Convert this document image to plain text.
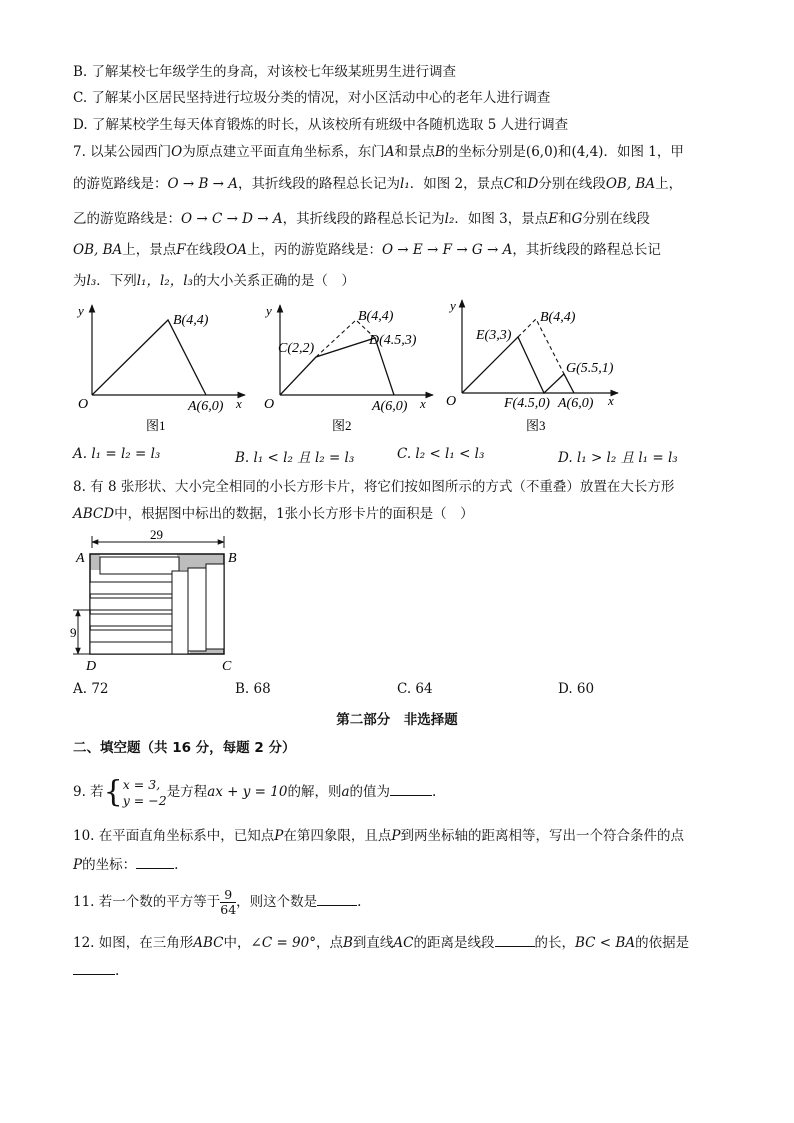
B. 了解某校七年级学生的身高，对该校七年级某班男生进行调查
C. 了解某小区居民坚持进行垃圾分类的情况，对小区活动中心的老年人进行调查
D. 了解某校学生每天体育锻炼的时长，从该校所有班级中各随机选取 5 人进行调查
7. 以某公园西门O为原点建立平面直角坐标系，东门A和景点B的坐标分别是(6,0)和(4,4)．如图 1，甲
的游览路线是：O → B → A，其折线段的路程总长记为l₁．如图 2，景点C和D分别在线段OB, BA上，
乙的游览路线是：O → C → D → A，其折线段的路程总长记为l₂．如图 3，景点E和G分别在线段
OB, BA上，景点F在线段OA上，丙的游览路线是：O → E → F → G → A，其折线段的路程总长记
为l₃．下列l₁，l₂，l₃的大小关系正确的是（　）
y
x
O
B(4,4)
A(6,0)
图1
y
x
O
B(4,4)
C(2,2)
D(4.5,3)
A(6,0)
图2
y
x
O
E(3,3)
B(4,4)
G(5.5,1)
F(4.5,0) A(6,0)
图3
A. l₁ = l₂ = l₃	B. l₁ < l₂ 且 l₂ = l₃	C. l₂ < l₁ < l₃	D. l₁ > l₂ 且 l₁ = l₃
8. 有 8 张形状、大小完全相同的小长方形卡片，将它们按如图所示的方式（不重叠）放置在大长方形
ABCD中，根据图中标出的数据，1张小长方形卡片的面积是（　）
29
9
A	B
D	C
A. 72	B. 68	C. 64	D. 60
第二部分　非选择题
二、填空题（共 16 分，每题 2 分）
9. 若{ x = 3,
y = −2 是方程ax + y = 10的解，则a的值为	.
10. 在平面直角坐标系中，已知点P在第四象限，且点P到两坐标轴的距离相等，写出一个符合条件的点
P的坐标：	.
11. 若一个数的平方等于 $\frac{9}{64}$ ，则这个数是	.
12. 如图，在三角形ABC中，∠C = 90°，点B到直线AC的距离是线段	的长，BC < BA的依据是
.
